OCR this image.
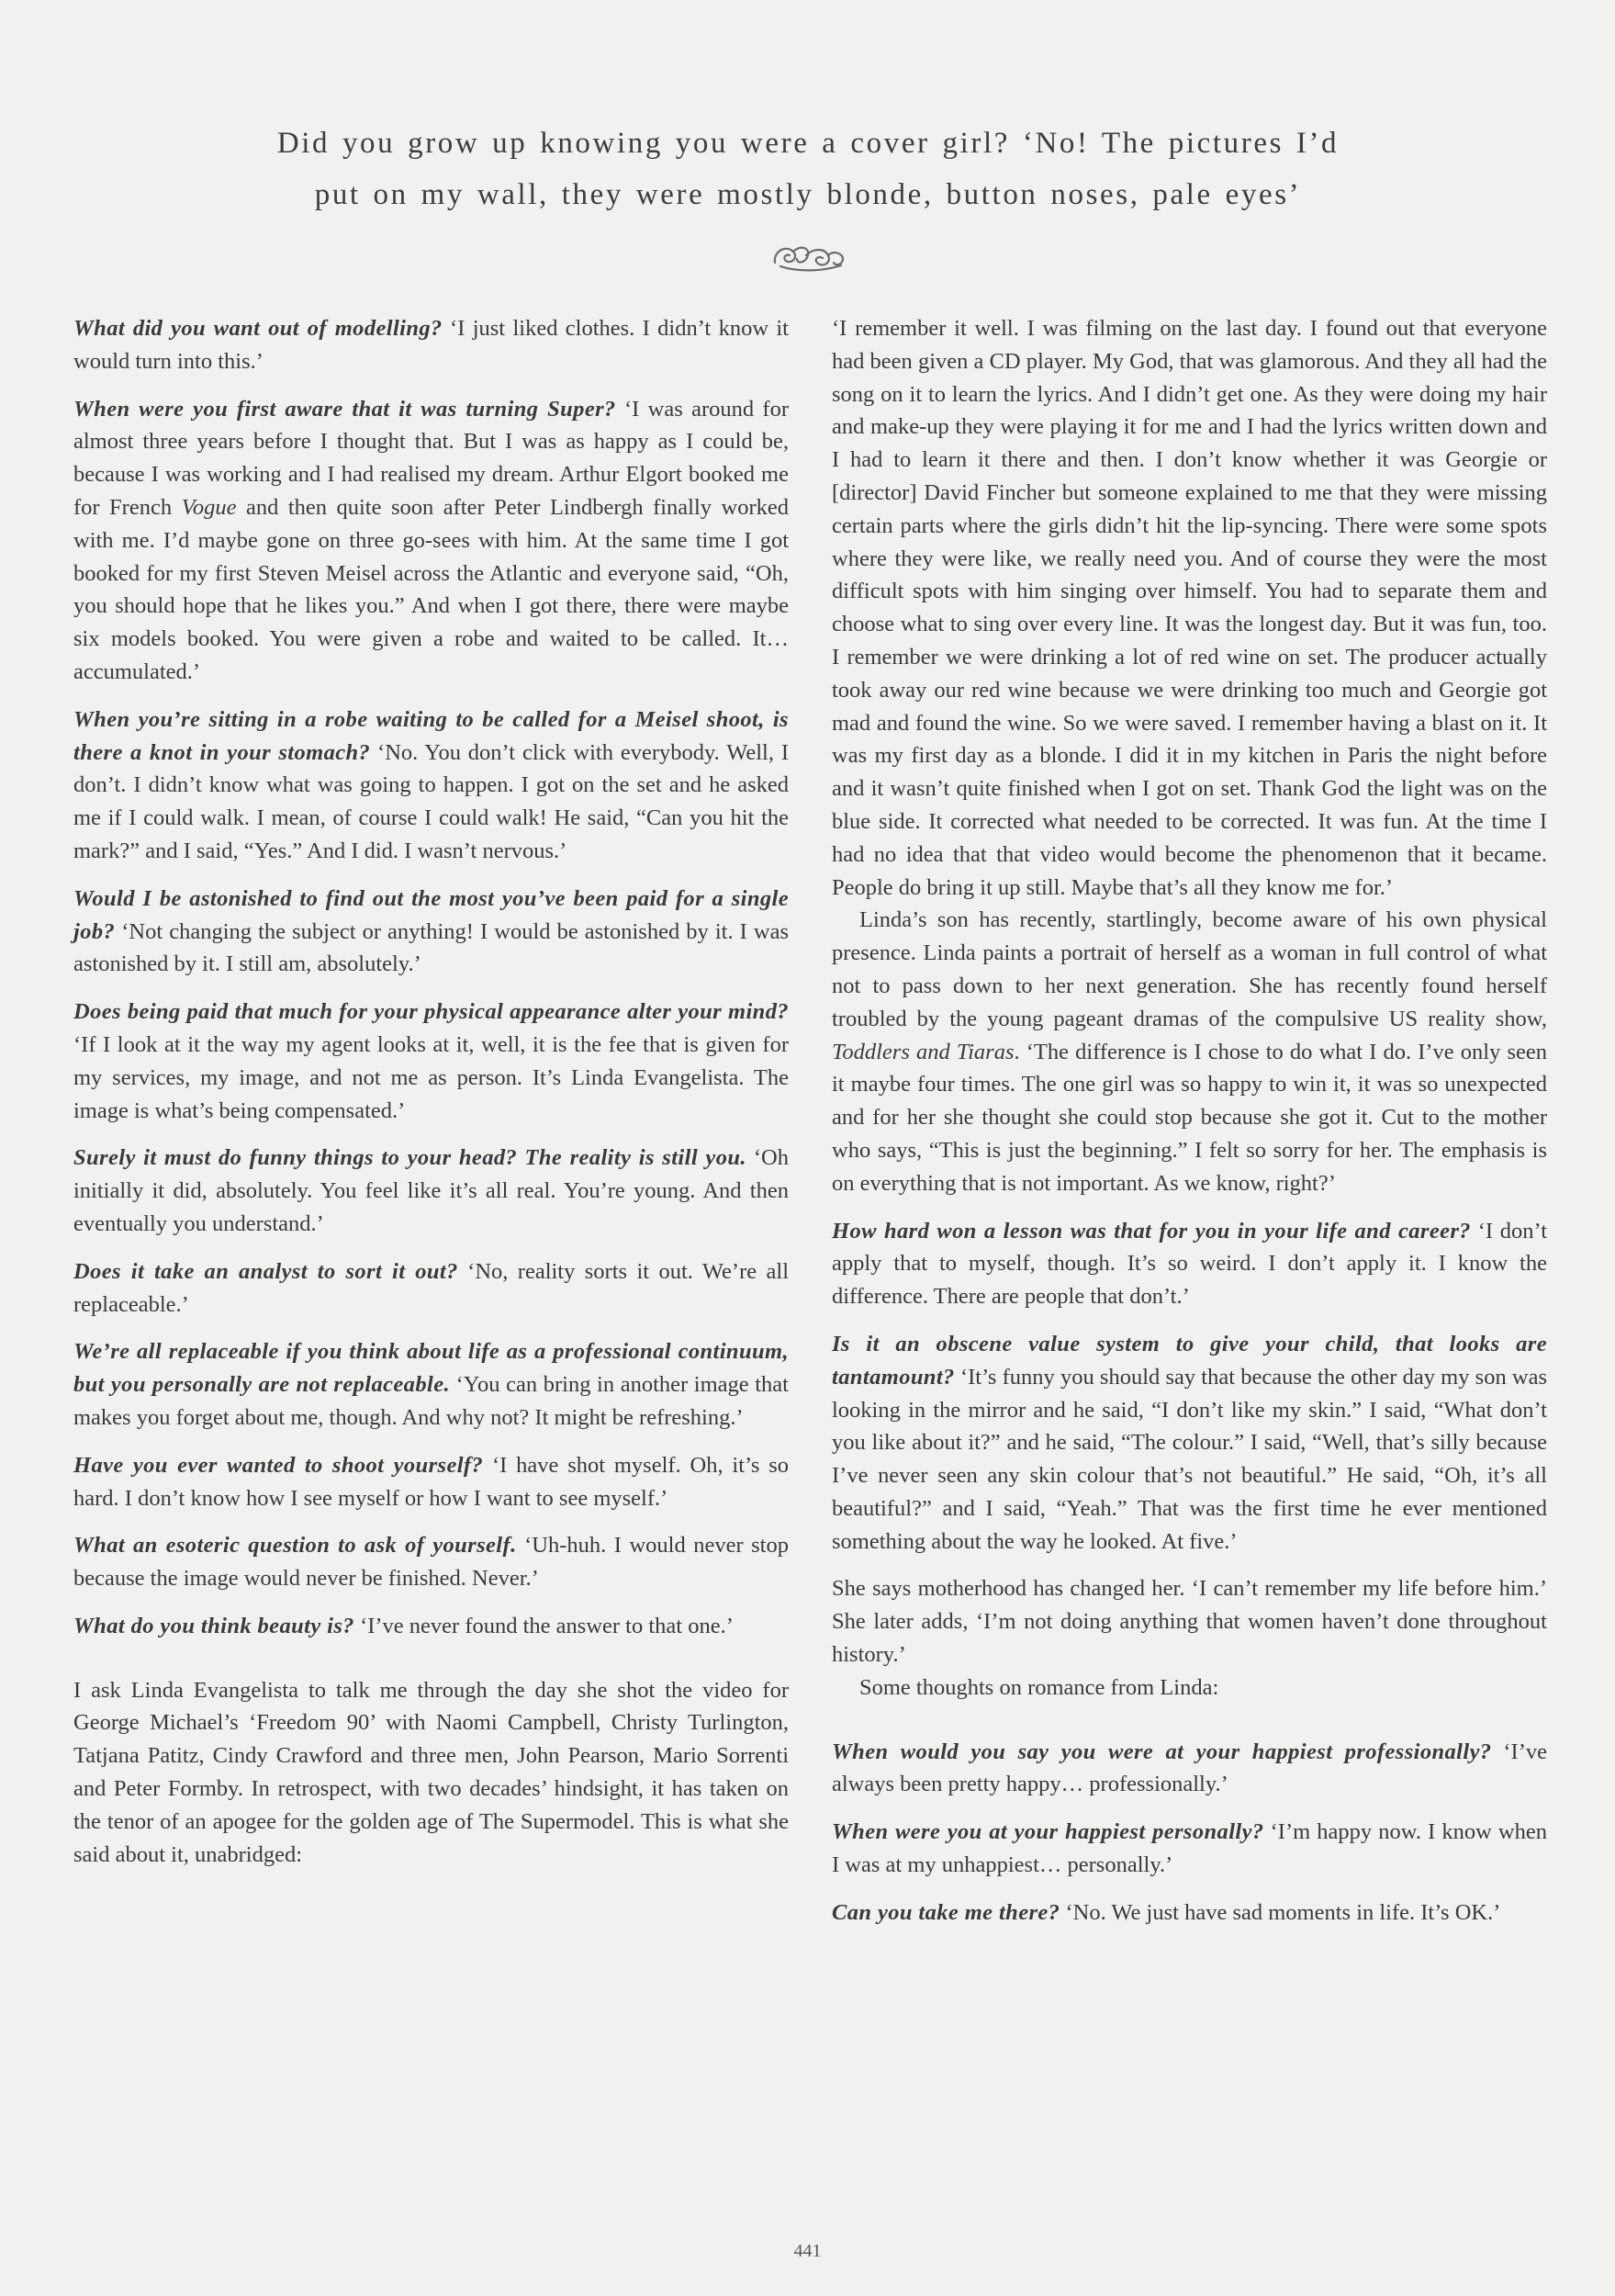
Did you grow up knowing you were a cover girl? ‘No! The pictures I’d
put on my wall, they were mostly blonde, button noses, pale eyes’

What did you want out of modelling? ‘I just liked clothes. I didn’t know it would turn into this.’

When were you first aware that it was turning Super? ‘I was around for almost three years before I thought that. But I was as happy as I could be, because I was working and I had realised my dream. Arthur Elgort booked me for French Vogue and then quite soon after Peter Lindbergh finally worked with me. I’d maybe gone on three go-sees with him. At the same time I got booked for my first Steven Meisel across the Atlantic and everyone said, “Oh, you should hope that he likes you.” And when I got there, there were maybe six models booked. You were given a robe and waited to be called. It… accumulated.’

When you’re sitting in a robe waiting to be called for a Meisel shoot, is there a knot in your stomach? ‘No. You don’t click with everybody. Well, I don’t. I didn’t know what was going to happen. I got on the set and he asked me if I could walk. I mean, of course I could walk! He said, “Can you hit the mark?” and I said, “Yes.” And I did. I wasn’t nervous.’

Would I be astonished to find out the most you’ve been paid for a single job? ‘Not changing the subject or anything! I would be astonished by it. I was astonished by it. I still am, absolutely.’

Does being paid that much for your physical appearance alter your mind? ‘If I look at it the way my agent looks at it, well, it is the fee that is given for my services, my image, and not me as person. It’s Linda Evangelista. The image is what’s being compensated.’

Surely it must do funny things to your head? The reality is still you. ‘Oh initially it did, absolutely. You feel like it’s all real. You’re young. And then eventually you understand.’

Does it take an analyst to sort it out? ‘No, reality sorts it out. We’re all replaceable.’

We’re all replaceable if you think about life as a professional continuum, but you personally are not replaceable. ‘You can bring in another image that makes you forget about me, though. And why not? It might be refreshing.’

Have you ever wanted to shoot yourself? ‘I have shot myself. Oh, it’s so hard. I don’t know how I see myself or how I want to see myself.’

What an esoteric question to ask of yourself. ‘Uh-huh. I would never stop because the image would never be finished. Never.’

What do you think beauty is? ‘I’ve never found the answer to that one.’

I ask Linda Evangelista to talk me through the day she shot the video for George Michael’s ‘Freedom 90’ with Naomi Campbell, Christy Turlington, Tatjana Patitz, Cindy Crawford and three men, John Pearson, Mario Sorrenti and Peter Formby. In retrospect, with two decades’ hindsight, it has taken on the tenor of an apogee for the golden age of The Supermodel. This is what she said about it, unabridged:

‘I remember it well. I was filming on the last day. I found out that everyone had been given a CD player. My God, that was glamorous. And they all had the song on it to learn the lyrics. And I didn’t get one. As they were doing my hair and make-up they were playing it for me and I had the lyrics written down and I had to learn it there and then. I don’t know whether it was Georgie or [director] David Fincher but someone explained to me that they were missing certain parts where the girls didn’t hit the lip-syncing. There were some spots where they were like, we really need you. And of course they were the most difficult spots with him singing over himself. You had to separate them and choose what to sing over every line. It was the longest day. But it was fun, too. I remember we were drinking a lot of red wine on set. The producer actually took away our red wine because we were drinking too much and Georgie got mad and found the wine. So we were saved. I remember having a blast on it. It was my first day as a blonde. I did it in my kitchen in Paris the night before and it wasn’t quite finished when I got on set. Thank God the light was on the blue side. It corrected what needed to be corrected. It was fun. At the time I had no idea that that video would become the phenomenon that it became. People do bring it up still. Maybe that’s all they know me for.’

Linda’s son has recently, startlingly, become aware of his own physical presence. Linda paints a portrait of herself as a woman in full control of what not to pass down to her next generation. She has recently found herself troubled by the young pageant dramas of the compulsive US reality show, Toddlers and Tiaras. ‘The difference is I chose to do what I do. I’ve only seen it maybe four times. The one girl was so happy to win it, it was so unexpected and for her she thought she could stop because she got it. Cut to the mother who says, “This is just the beginning.” I felt so sorry for her. The emphasis is on everything that is not important. As we know, right?’

How hard won a lesson was that for you in your life and career? ‘I don’t apply that to myself, though. It’s so weird. I don’t apply it. I know the difference. There are people that don’t.’

Is it an obscene value system to give your child, that looks are tantamount? ‘It’s funny you should say that because the other day my son was looking in the mirror and he said, “I don’t like my skin.” I said, “What don’t you like about it?” and he said, “The colour.” I said, “Well, that’s silly because I’ve never seen any skin colour that’s not beautiful.” He said, “Oh, it’s all beautiful?” and I said, “Yeah.” That was the first time he ever mentioned something about the way he looked. At five.’

She says motherhood has changed her. ‘I can’t remember my life before him.’ She later adds, ‘I’m not doing anything that women haven’t done throughout history.’

Some thoughts on romance from Linda:

When would you say you were at your happiest professionally? ‘I’ve always been pretty happy… professionally.’

When were you at your happiest personally? ‘I’m happy now. I know when I was at my unhappiest… personally.’

Can you take me there? ‘No. We just have sad moments in life. It’s OK.’

441
